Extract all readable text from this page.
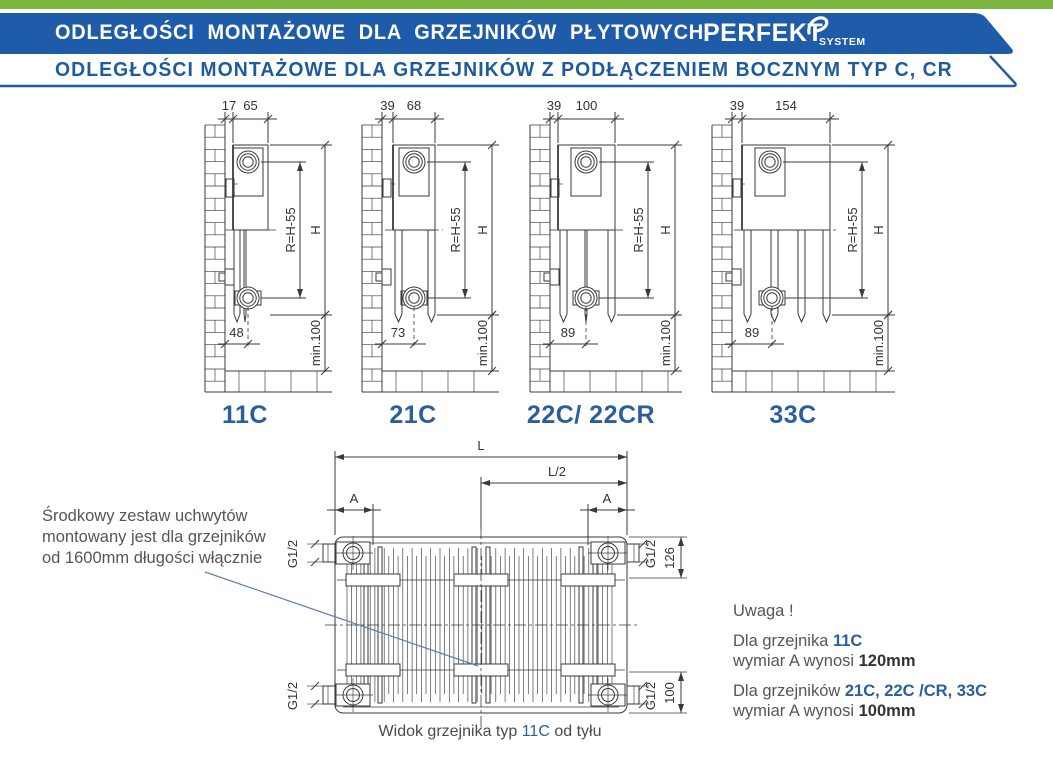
ODLEGŁOŚCI MONTAŻOWE DLA GRZEJNIKÓW PŁYTOWYCH PERFEKT
SYSTEM
ODLEGŁOŚCI MONTAŻOWE DLA GRZEJNIKÓW Z PODŁĄCZENIEM BOCZNYM TYP C, CR
17 65
H
R=H-55
min.100
48
39 68
H
R=H-55
min.100
73
39 100
H
R=H-55
min.100
89
39 154
H
R=H-55
min.100
89
11C	21C	22C/ 22CR	33C
L
L/2
A	A
G1/2
G1/2
G1/2
G1/2
126
100
Środkowy zestaw uchwytów
montowany jest dla grzejników
od 1600mm długości włącznie
Widok grzejnika typ 11C od tyłu
Uwaga !
Dla grzejnika 11C
wymiar A wynosi 120mm
Dla grzejników 21C, 22C /CR, 33C
wymiar A wynosi 100mm
